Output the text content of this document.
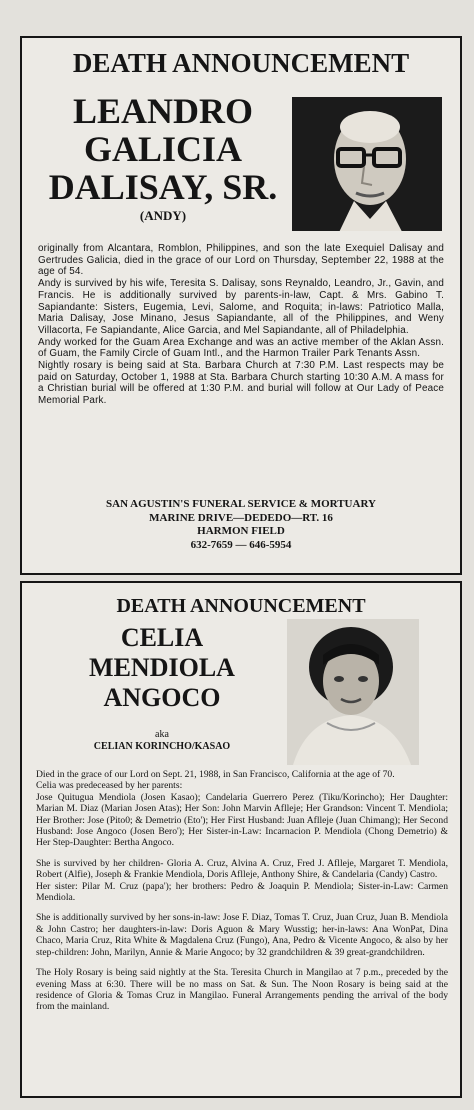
DEATH ANNOUNCEMENT
LEANDRO
GALICIA
DALISAY, SR.
(ANDY)

originally from Alcantara, Romblon, Philippines, and son the late Exequiel Dalisay and Gertrudes Galicia, died in the grace of our Lord on Thursday, September 22, 1988 at the age of 54.

Andy is survived by his wife, Teresita S. Dalisay, sons Reynaldo, Leandro, Jr., Gavin, and Francis. He is additionally survived by parents-in-law, Capt. & Mrs. Gabino T. Sapiandante: Sisters, Eugemia, Levi, Salome, and Roquita; in-laws: Patriotico Malla, Maria Dalisay, Jose Minano, Jesus Sapiandante, all of the Philippines, and Weny Villacorta, Fe Sapiandante, Alice Garcia, and Mel Sapiandante, all of Philadelphia.

Andy worked for the Guam Area Exchange and was an active member of the Aklan Assn. of Guam, the Family Circle of Guam Intl., and the Harmon Trailer Park Tenants Assn.

Nightly rosary is being said at Sta. Barbara Church at 7:30 P.M. Last respects may be paid on Saturday, October 1, 1988 at Sta. Barbara Church starting 10:30 A.M. A mass for a Christian burial will be offered at 1:30 P.M. and burial will follow at Our Lady of Peace Memorial Park.

SAN AGUSTIN'S FUNERAL SERVICE & MORTUARY
MARINE DRIVE—DEDEDO—RT. 16
HARMON FIELD
632-7659 — 646-5954
DEATH ANNOUNCEMENT
CELIA
MENDIOLA
ANGOCO
aka
CELIAN KORINCHO/KASAO

Died in the grace of our Lord on Sept. 21, 1988, in San Francisco, California at the age of 70.
Celia was predeceased by her parents:
Jose Quitugua Mendiola (Josen Kasao); Candelaria Guerrero Perez (Tiku/Korincho); Her Daughter: Marian M. Diaz (Marian Josen Atas); Her Son: John Marvin Aflleje; Her Grandson: Vincent T. Mendiola; Her Brother: Jose (Pito0; & Demetrio (Eto'); Her First Husband: Juan Aflleje (Juan Chimang); Her Second Husband: Jose Angoco (Josen Bero'); Her Sister-in-Law: Incarnacion P. Mendiola (Chong Demetrio) & Her Step-Daughter: Bertha Angoco.

She is survived by her children- Gloria A. Cruz, Alvina A. Cruz, Fred J. Aflleje, Margaret T. Mendiola, Robert (Alfie), Joseph & Frankie Mendiola, Doris Aflleje, Anthony Shire, & Candelaria (Candy) Castro.
Her sister: Pilar M. Cruz (papa'); her brothers: Pedro & Joaquin P. Mendiola; Sister-in-Law: Carmen Mendiola.

She is additionally survived by her sons-in-law: Jose F. Diaz, Tomas T. Cruz, Juan Cruz, Juan B. Mendiola & John Castro; her daughters-in-law: Doris Aguon & Mary Wusstig; her-in-laws: Ana WonPat, Dina Chaco, Maria Cruz, Rita White & Magdalena Cruz (Fungo), Ana, Pedro & Vicente Angoco, & also by her step-children: John, Marilyn, Annie & Marie Angoco; by 32 grandchildren & 39 great-grandchildren.

The Holy Rosary is being said nightly at the Sta. Teresita Church in Mangilao at 7 p.m., preceded by the evening Mass at 6:30. There will be no mass on Sat. & Sun. The Noon Rosary is being said at the residence of Gloria & Tomas Cruz in Mangilao. Funeral Arrangements pending the arrival of the body from the mainland.
